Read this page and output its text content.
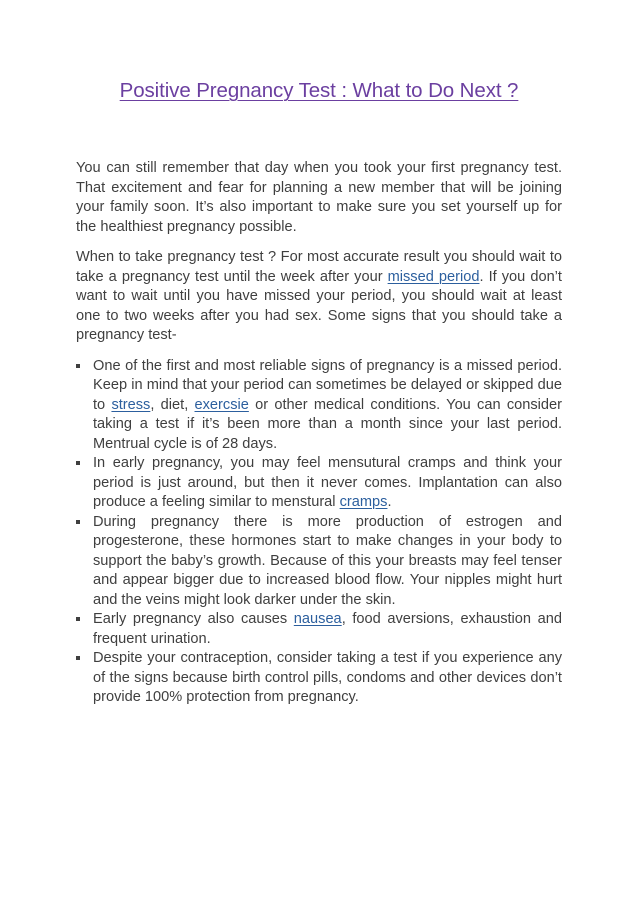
Positive Pregnancy Test : What to Do Next ?

You can still remember that day when you took your first pregnancy test. That excitement and fear for planning a new member that will be joining your family soon. It’s also important to make sure you set yourself up for the healthiest pregnancy possible.

When to take pregnancy test ? For most accurate result you should wait to take a pregnancy test until the week after your missed period. If you don’t want to wait until you have missed your period, you should wait at least one to two weeks after you had sex. Some signs that you should take a pregnancy test-

One of the first and most reliable signs of pregnancy is a missed period. Keep in mind that your period can sometimes be delayed or skipped due to stress, diet, exercsie or other medical conditions. You can consider taking a test if it’s been more than a month since your last period. Mentrual cycle is of 28 days.
In early pregnancy, you may feel mensutural cramps and think your period is just around, but then it never comes. Implantation can also produce a feeling similar to menstural cramps.
During pregnancy there is more production of estrogen and progesterone, these hormones start to make changes in your body to support the baby’s growth. Because of this your breasts may feel tenser and appear bigger due to increased blood flow. Your nipples might hurt and the veins might look darker under the skin.
Early pregnancy also causes nausea, food aversions, exhaustion and frequent urination.
Despite your contraception, consider taking a test if you experience any of the signs because birth control pills, condoms and other devices don’t provide 100% protection from pregnancy.
